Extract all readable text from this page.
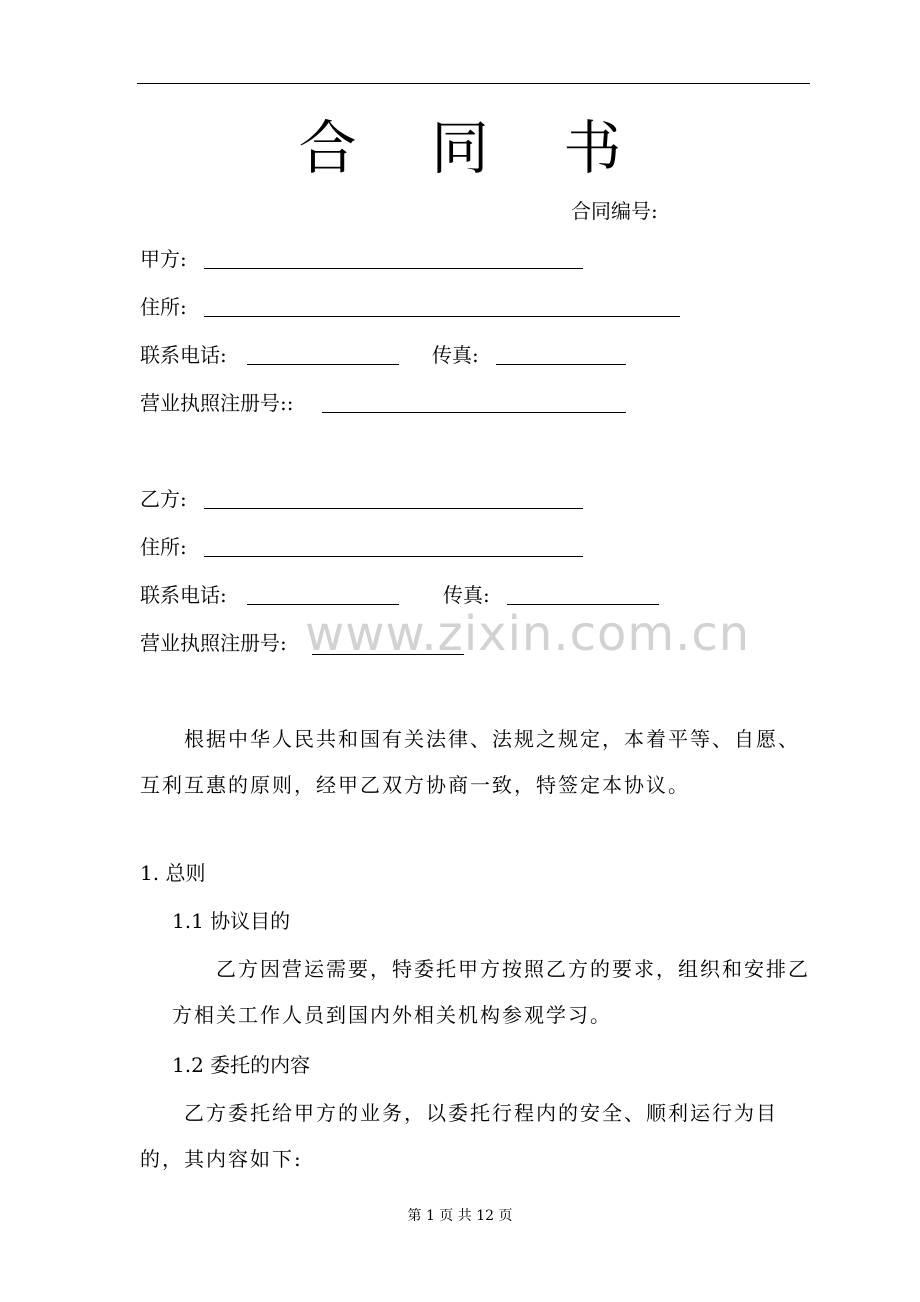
合 同 书
合同编号:
甲方:
住所:
联系电话:	传真:
营业执照注册号::
乙方:
住所:
联系电话:	传真:
营业执照注册号: www.zixin.com.cn
根据中华人民共和国有关法律、法规之规定，本着平等、自愿、互利互惠的原则，经甲乙双方协商一致，特签定本协议。
1. 总则
1.1 协议目的
乙方因营运需要，特委托甲方按照乙方的要求，组织和安排乙方相关工作人员到国内外相关机构参观学习。
1.2 委托的内容
乙方委托给甲方的业务，以委托行程内的安全、顺利运行为目的，其内容如下:
第 1 页 共 12 页
